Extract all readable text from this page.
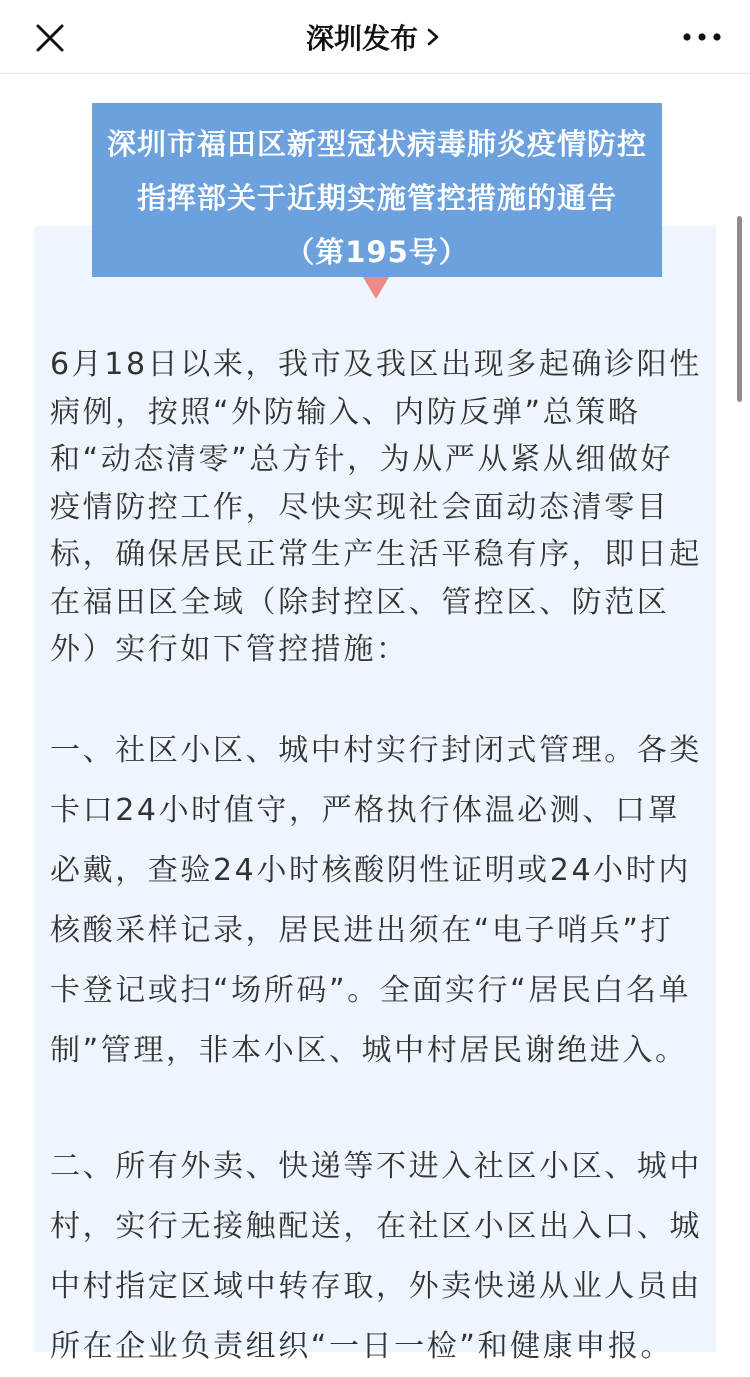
深圳发布
深圳市福田区新型冠状病毒肺炎疫情防控
指挥部关于近期实施管控措施的通告
（第195号）

6月18日以来，我市及我区出现多起确诊阳性病例，按照“外防输入、内防反弹”总策略和“动态清零”总方针，为从严从紧从细做好疫情防控工作，尽快实现社会面动态清零目标，确保居民正常生产生活平稳有序，即日起在福田区全域（除封控区、管控区、防范区外）实行如下管控措施：

一、社区小区、城中村实行封闭式管理。各类卡口24小时值守，严格执行体温必测、口罩必戴，查验24小时核酸阴性证明或24小时内核酸采样记录，居民进出须在“电子哨兵”打卡登记或扫“场所码”。全面实行“居民白名单制”管理，非本小区、城中村居民谢绝进入。

二、所有外卖、快递等不进入社区小区、城中村，实行无接触配送，在社区小区出入口、城中村指定区域中转存取，外卖快递从业人员由所在企业负责组织“一日一检”和健康申报。
